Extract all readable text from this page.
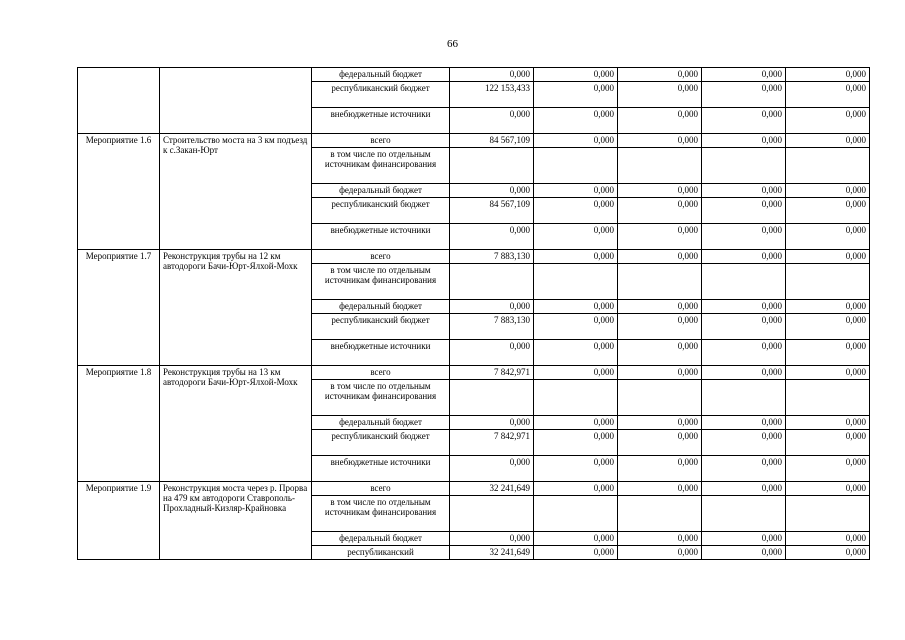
66
		федеральный бюджет	0,000	0,000	0,000	0,000	0,000
		республиканский бюджет	122 153,433	0,000	0,000	0,000	0,000
		внебюджетные источники	0,000	0,000	0,000	0,000	0,000
Мероприятие 1.6	Строительство моста на 3 км подъезд к с.Закан-Юрт	всего	84 567,109	0,000	0,000	0,000	0,000
		в том числе по отдельным источникам финансирования					
		федеральный бюджет	0,000	0,000	0,000	0,000	0,000
		республиканский бюджет	84 567,109	0,000	0,000	0,000	0,000
		внебюджетные источники	0,000	0,000	0,000	0,000	0,000
Мероприятие 1.7	Реконструкция трубы на 12 км автодороги Бачи-Юрт-Ялхой-Мохк	всего	7 883,130	0,000	0,000	0,000	0,000
		в том числе по отдельным источникам финансирования					
		федеральный бюджет	0,000	0,000	0,000	0,000	0,000
		республиканский бюджет	7 883,130	0,000	0,000	0,000	0,000
		внебюджетные источники	0,000	0,000	0,000	0,000	0,000
Мероприятие 1.8	Реконструкция трубы на 13 км автодороги Бачи-Юрт-Ялхой-Мохк	всего	7 842,971	0,000	0,000	0,000	0,000
		в том числе по отдельным источникам финансирования					
		федеральный бюджет	0,000	0,000	0,000	0,000	0,000
		республиканский бюджет	7 842,971	0,000	0,000	0,000	0,000
		внебюджетные источники	0,000	0,000	0,000	0,000	0,000
Мероприятие 1.9	Реконструкция моста через р. Прорва на 479 км автодороги Ставрополь-Прохладный-Кизляр-Крайновка	всего	32 241,649	0,000	0,000	0,000	0,000
		в том числе по отдельным источникам финансирования					
		федеральный бюджет	0,000	0,000	0,000	0,000	0,000
		республиканский	32 241,649	0,000	0,000	0,000	0,000
